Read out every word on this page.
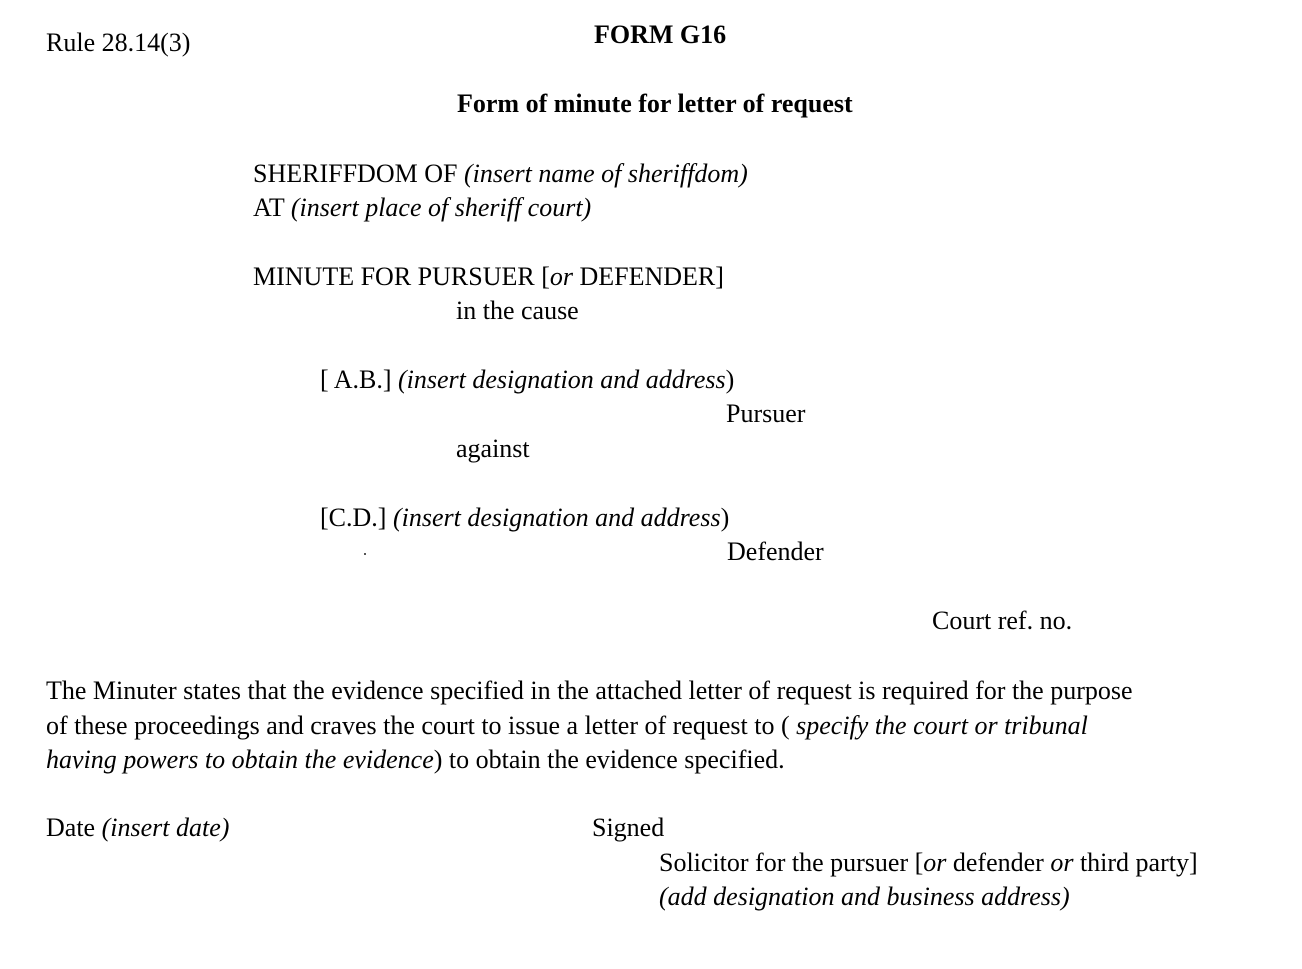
Rule 28.14(3)	FORM G16
Form of minute for letter of request
SHERIFFDOM OF (insert name of sheriffdom)
AT (insert place of sheriff court)
MINUTE FOR PURSUER [or DEFENDER]
in the cause
[ A.B.] (insert designation and address)
Pursuer
against
[C.D.] (insert designation and address)
Defender
Court ref. no.
The Minuter states that the evidence specified in the attached letter of request is required for the purpose
of these proceedings and craves the court to issue a letter of request to ( specify the court or tribunal
having powers to obtain the evidence) to obtain the evidence specified.
Date (insert date)	Signed
Solicitor for the pursuer [or defender or third party]
(add designation and business address)
